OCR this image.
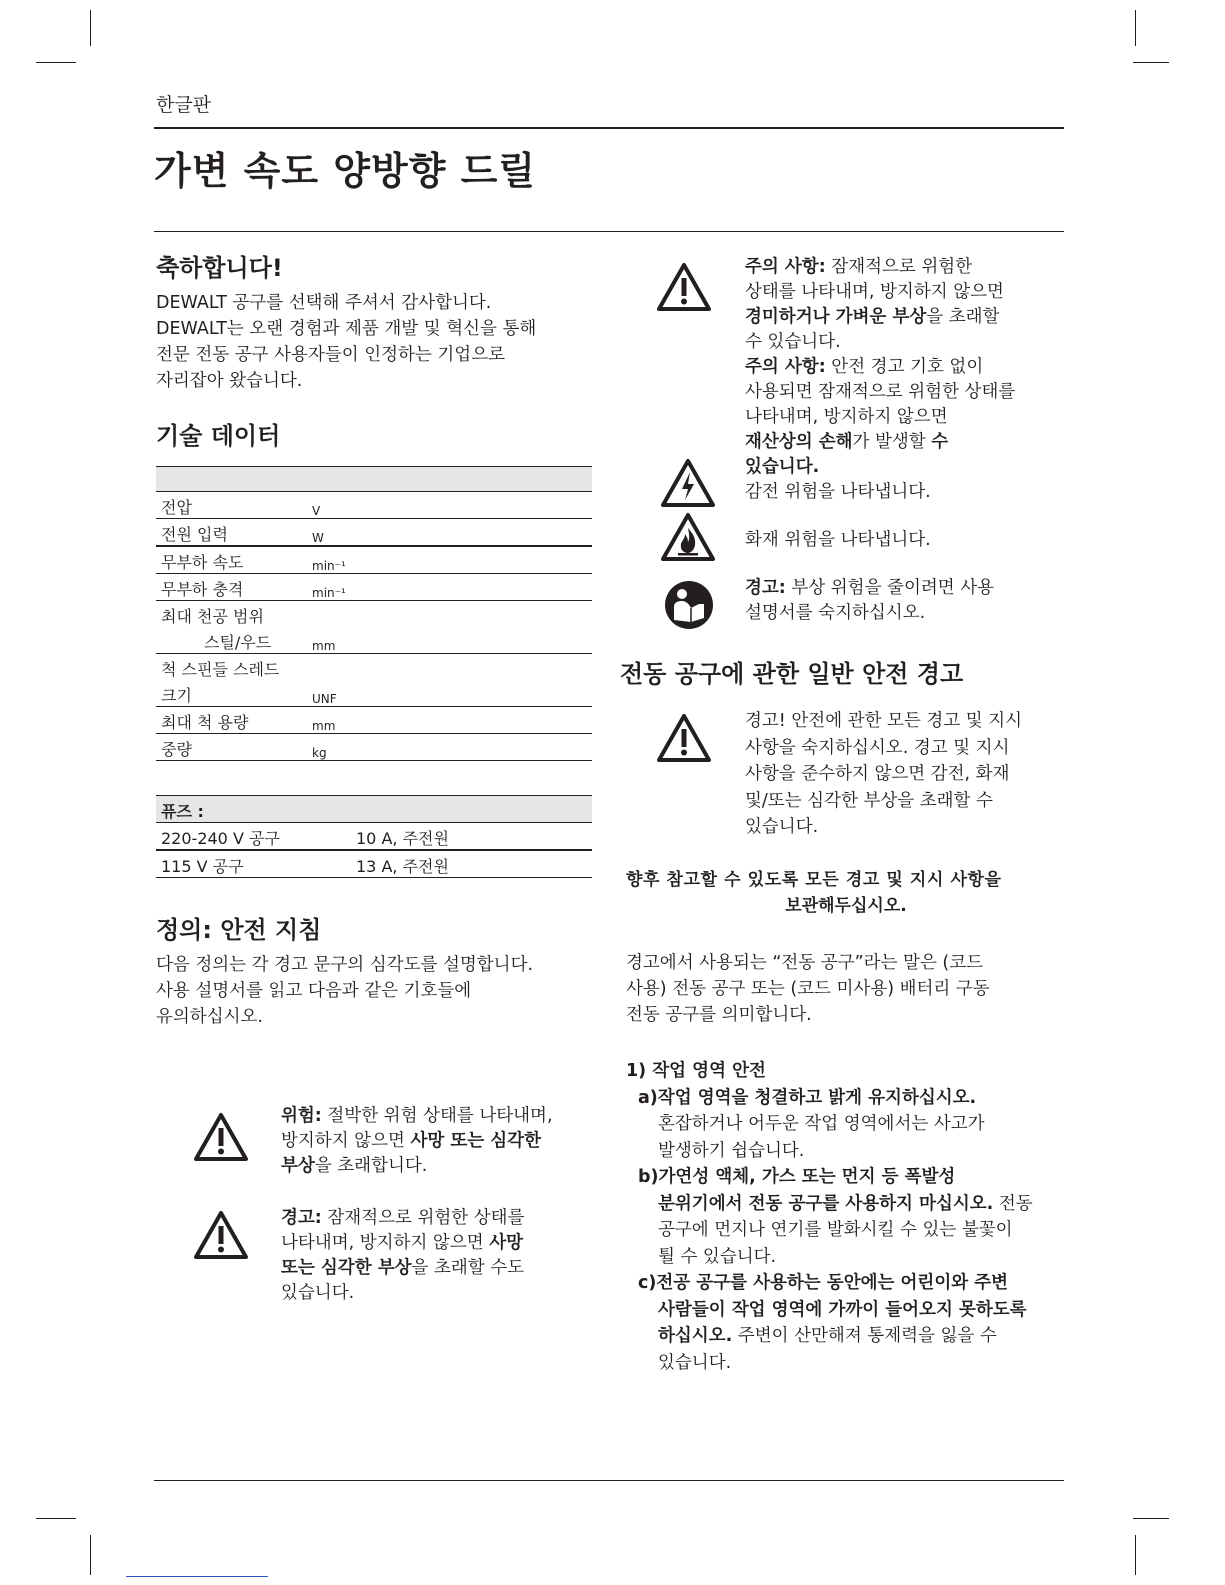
한글판
가변 속도 양방향 드릴
축하합니다!

DEWALT 공구를 선택해 주셔서 감사합니다.

DEWALT는 오랜 경험과 제품 개발 및 혁신을 통해

전문 전동 공구 사용자들이 인정하는 기업으로

자리잡아 왔습니다.

기술 데이터

전압	V
전원 입력	W
무부하 속도	min⁻¹
무부하 충격	min⁻¹
최대 천공 범위	
스틸/우드	mm
척 스핀들 스레드	
크기	UNF
최대 척 용량	mm
중량	kg
퓨즈 :	
220-240 V 공구	10 A, 주전원
115 V 공구	13 A, 주전원
정의: 안전 지침

다음 정의는 각 경고 문구의 심각도를 설명합니다.

사용 설명서를 읽고 다음과 같은 기호들에

유의하십시오.

위험: 절박한 위험 상태를 나타내며,
방지하지 않으면 사망 또는 심각한
부상을 초래합니다.
경고: 잠재적으로 위험한 상태를
나타내며, 방지하지 않으면 사망
또는 심각한 부상을 초래할 수도
있습니다.
주의 사항: 잠재적으로 위험한
상태를 나타내며, 방지하지 않으면
경미하거나 가벼운 부상을 초래할
수 있습니다.
주의 사항: 안전 경고 기호 없이
사용되면 잠재적으로 위험한 상태를
나타내며, 방지하지 않으면
재산상의 손해가 발생할 수
있습니다.
감전 위험을 나타냅니다.
화재 위험을 나타냅니다.
경고: 부상 위험을 줄이려면 사용
설명서를 숙지하십시오.
전동 공구에 관한 일반 안전 경고
경고! 안전에 관한 모든 경고 및 지시
사항을 숙지하십시오. 경고 및 지시
사항을 준수하지 않으면 감전, 화재
및/또는 심각한 부상을 초래할 수
있습니다.
향후 참고할 수 있도록 모든 경고 및 지시 사항을
보관해두십시오.
경고에서 사용되는 “전동 공구”라는 말은 (코드
사용) 전동 공구 또는 (코드 미사용) 배터리 구동
전동 공구를 의미합니다.
1) 작업 영역 안전
a)작업 영역을 청결하고 밝게 유지하십시오.
혼잡하거나 어두운 작업 영역에서는 사고가
발생하기 쉽습니다.
b)가연성 액체, 가스 또는 먼지 등 폭발성
분위기에서 전동 공구를 사용하지 마십시오. 전동
공구에 먼지나 연기를 발화시킬 수 있는 불꽃이
튈 수 있습니다.
c)전공 공구를 사용하는 동안에는 어린이와 주변
사람들이 작업 영역에 가까이 들어오지 못하도록
하십시오. 주변이 산만해져 통제력을 잃을 수
있습니다.
